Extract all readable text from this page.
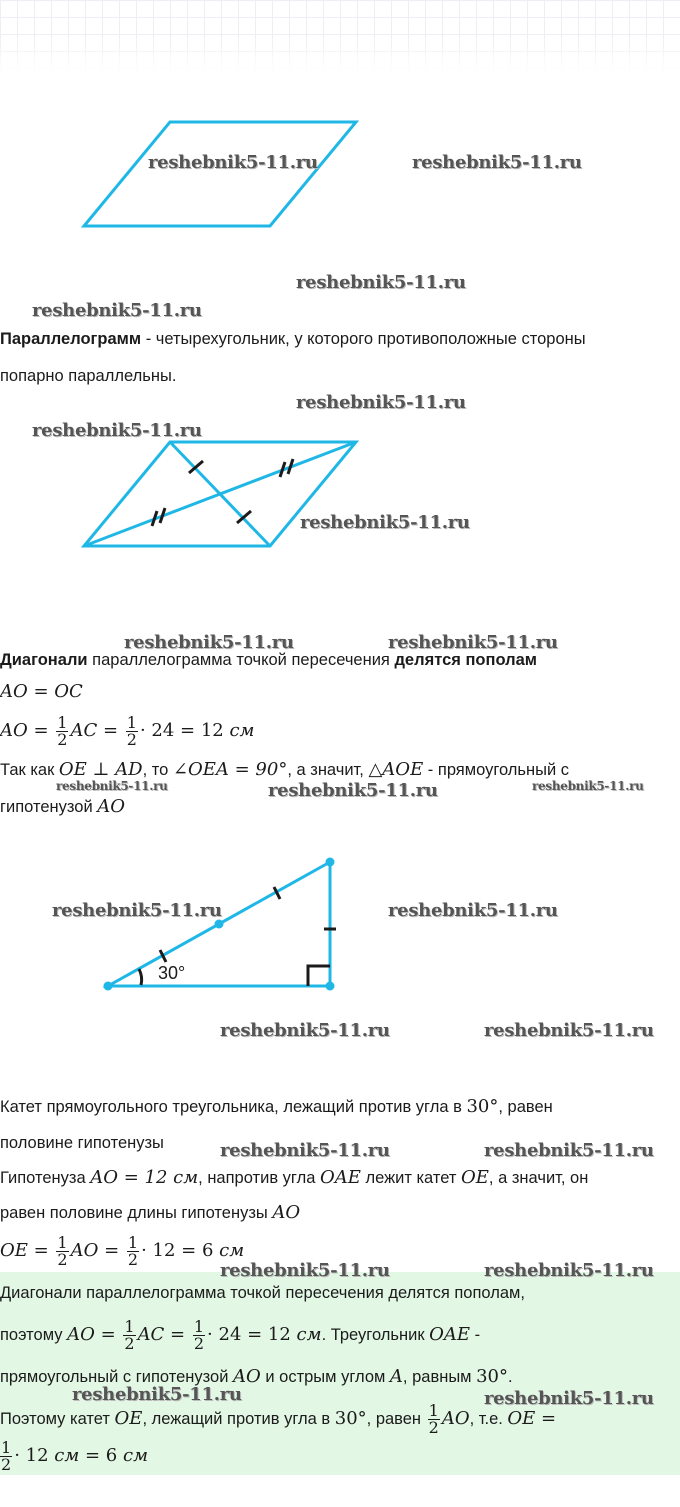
reshebnik5-11.ru	reshebnik5-11.ru
reshebnik5-11.ru
reshebnik5-11.ru
Параллелограмм - четырехугольник, у которого противоположные стороны
попарно параллельны.
reshebnik5-11.ru
reshebnik5-11.ru
reshebnik5-11.ru
reshebnik5-11.ru	reshebnik5-11.ru
Диагонали параллелограмма точкой пересечения делятся пополам
AO = OC
AO = $\frac{1}{2}$ AC = $\frac{1}{2} \cdot 24 = 12$ см
Так как OE ⊥ AD, то ∠OEA = 90°, а значит, △AOE - прямоугольный с
reshebnik5-11.ru	reshebnik5-11.ru	reshebnik5-11.ru
гипотенузой AO
30°
reshebnik5-11.ru	reshebnik5-11.ru
reshebnik5-11.ru	reshebnik5-11.ru
Катет прямоугольного треугольника, лежащий против угла в 30°, равен
половине гипотенузы	reshebnik5-11.ru	reshebnik5-11.ru
Гипотенуза AO = 12 см, напротив угла OAE лежит катет OE, а значит, он
равен половине длины гипотенузы AO
OE = $\frac{1}{2}$ AO = $\frac{1}{2} \cdot 12 = 6$ см
reshebnik5-11.ru	reshebnik5-11.ru
Диагонали параллелограмма точкой пересечения делятся пополам,
поэтому AO = $\frac{1}{2}$ AC = $\frac{1}{2} \cdot 24 = 12$ см. Треугольник OAE -
прямоугольный с гипотенузой AO и острым углом A, равным 30°.
reshebnik5-11.ru	reshebnik5-11.ru
Поэтому катет OE, лежащий против угла в 30°, равен $\frac{1}{2}$ AO, т.е. OE =
$\frac{1}{2} \cdot 12$ см = 6 см
